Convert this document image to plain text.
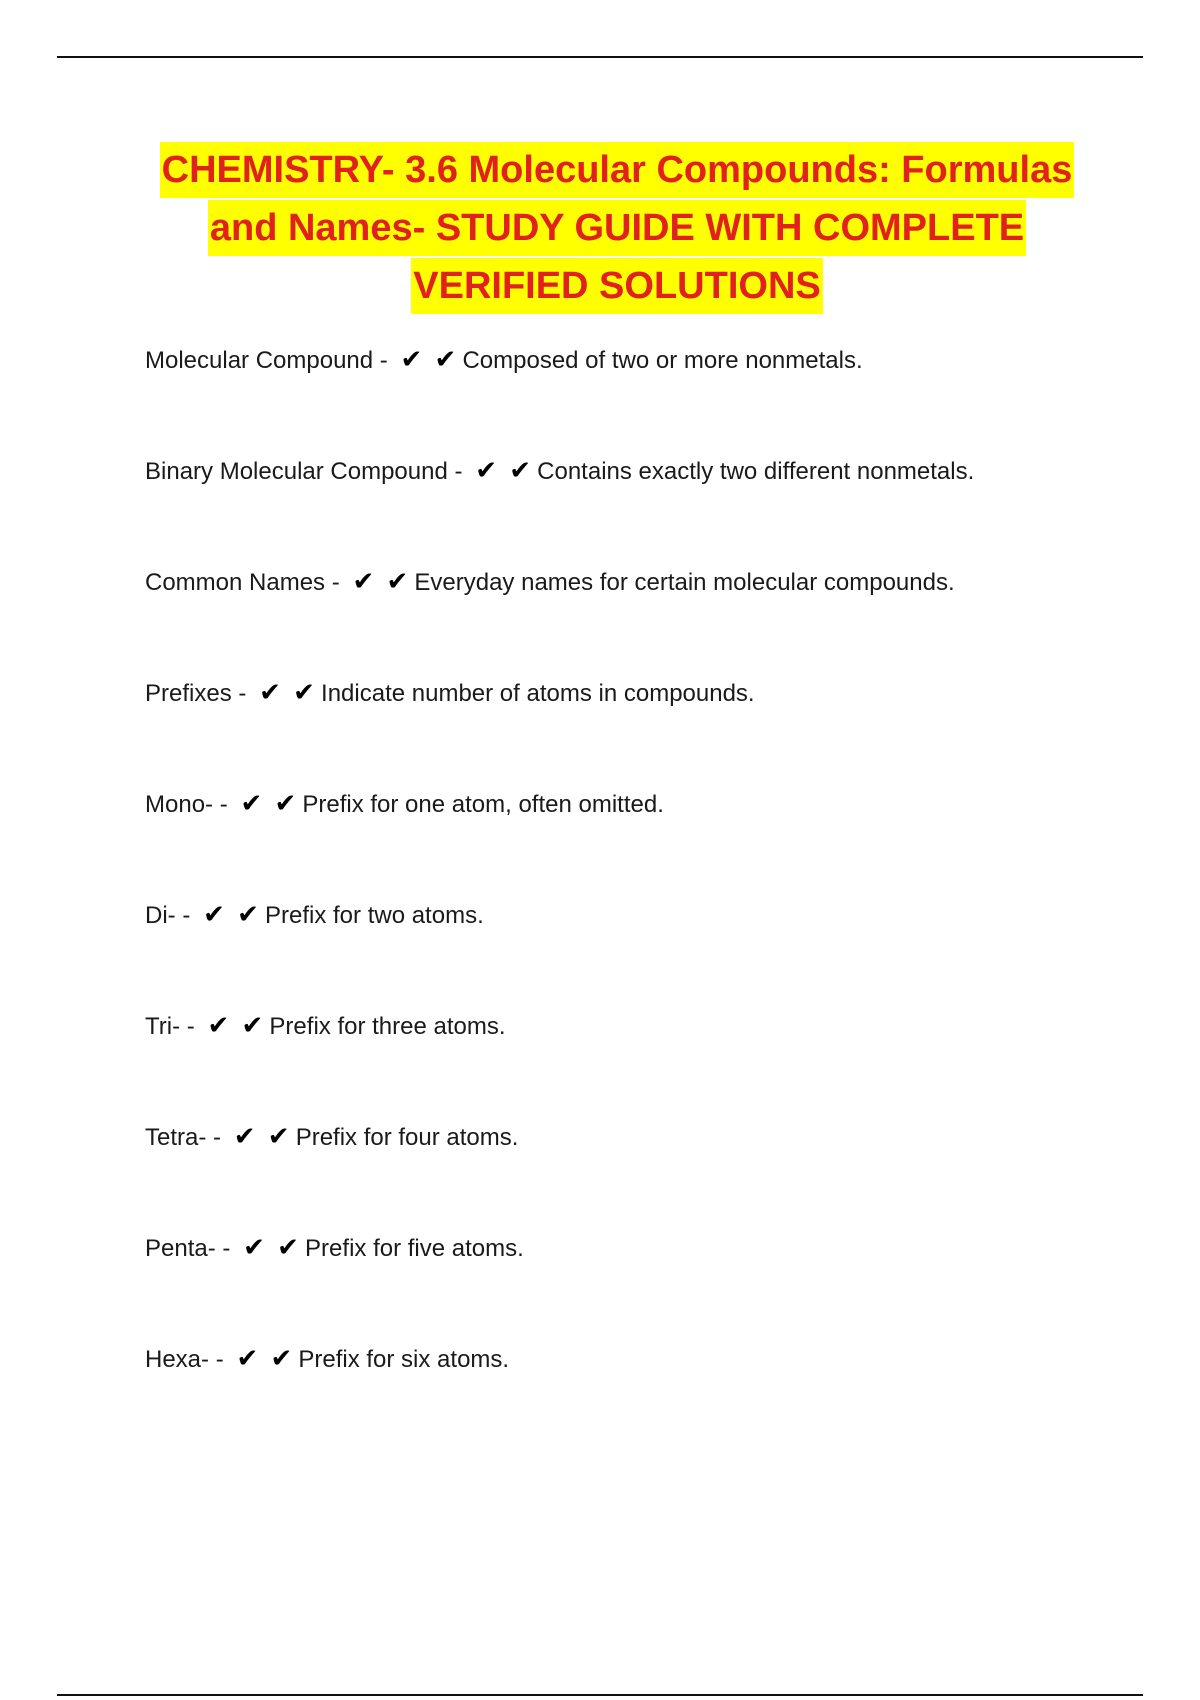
CHEMISTRY- 3.6 Molecular Compounds: Formulas
and Names- STUDY GUIDE WITH COMPLETE
VERIFIED SOLUTIONS
Molecular Compound - ✔ ✔ Composed of two or more nonmetals.
Binary Molecular Compound - ✔ ✔ Contains exactly two different nonmetals.
Common Names - ✔ ✔ Everyday names for certain molecular compounds.
Prefixes - ✔ ✔ Indicate number of atoms in compounds.
Mono- - ✔ ✔ Prefix for one atom, often omitted.
Di- - ✔ ✔ Prefix for two atoms.
Tri- - ✔ ✔ Prefix for three atoms.
Tetra- - ✔ ✔ Prefix for four atoms.
Penta- - ✔ ✔ Prefix for five atoms.
Hexa- - ✔ ✔ Prefix for six atoms.
